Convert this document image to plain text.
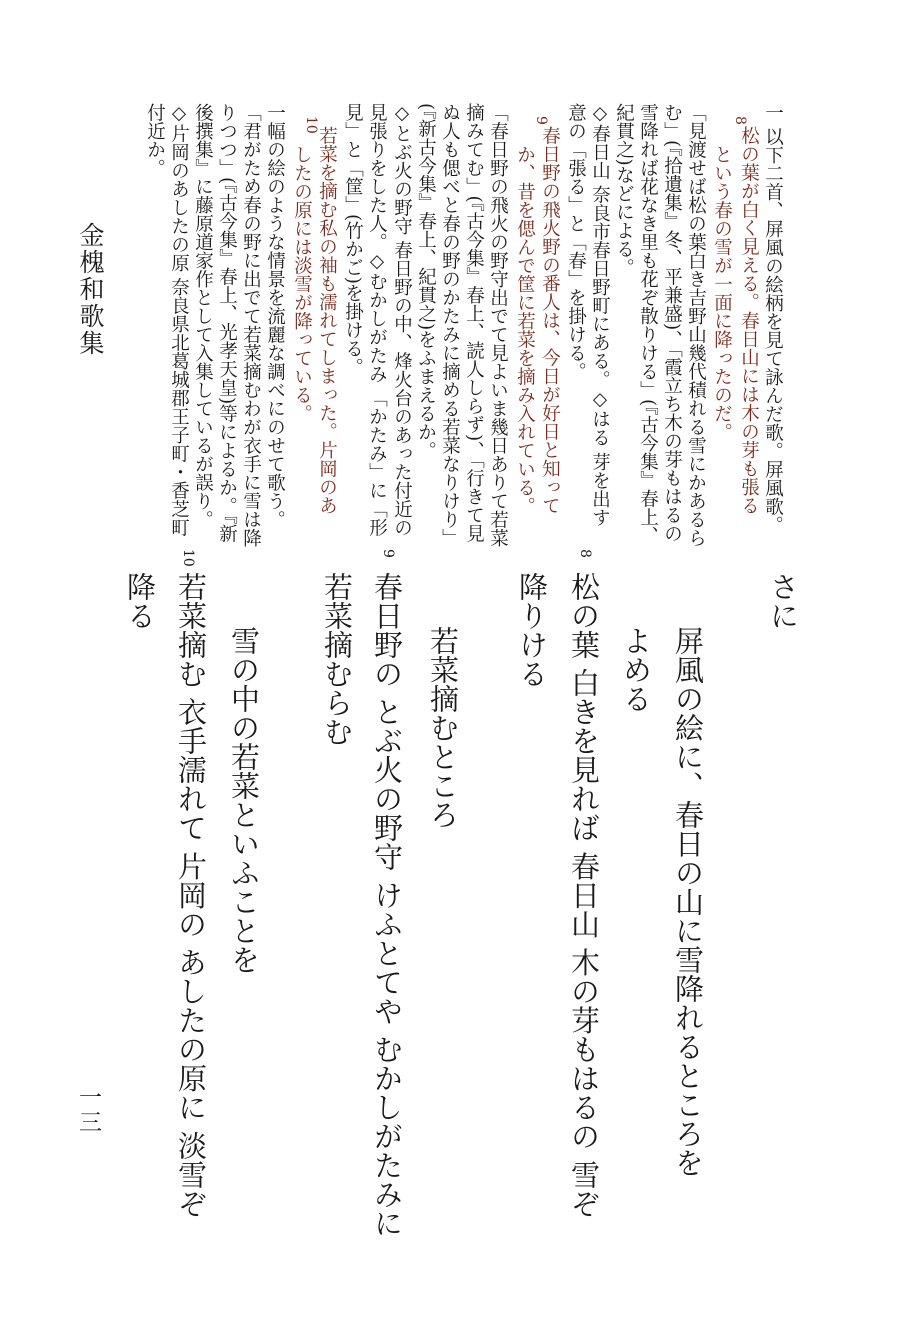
一 以下二首、屏風の絵柄を見て詠んだ歌。屏風歌。
松の葉が白く見える。春日山には木の芽も張る
8
という春の雪が一面に降ったのだ。
「見渡せば松の葉白き吉野山幾代積れる雪にかあるら
む」(『拾遺集』冬、平兼盛)、「霞立ち木の芽もはるの
雪降れば花なき里も花ぞ散りける」(『古今集』春上、
紀貫之)などによる。
◇春日山 奈良市春日野町にある。◇はる 芽を出す
意の「張る」と「春」を掛ける。
春日野の飛火野の番人は、今日が好日と知って
9
か、昔を偲んで筐に若菜を摘み入れている。
「春日野の飛火の野守出でて見よいま幾日ありて若菜
摘みてむ」(『古今集』春上、読人しらず)、「行きて見
ぬ人も偲べと春の野のかたみに摘める若菜なりけり」
(『新古今集』春上、紀貫之)をふまえるか。
◇とぶ火の野守 春日野の中、烽火台のあった付近の
見張りをした人。◇むかしがたみ 「かたみ」に「形
見」と「筐」(竹かご)を掛ける。
若菜を摘む私の袖も濡れてしまった。片岡のあ
10
したの原には淡雪が降っている。
一幅の絵のような情景を流麗な調べにのせて歌う。
「君がため春の野に出でて若菜摘むわが衣手に雪は降
りつつ」(『古今集』春上、光孝天皇)等によるか。『新
後撰集』に藤原道家作として入集しているが誤り。
◇片岡のあしたの原 奈良県北葛城郡王子町・香芝町
付近か。
さに
屏風の絵に、春日の山に雪降れるところを
よめる
8
松の葉 白きを見れば 春日山 木の芽もはるの 雪ぞ
降りける
若菜摘むところ
9
春日野の とぶ火の野守 けふとてや むかしがたみに
若菜摘むらむ
雪の中の若菜といふことを
10
若菜摘む 衣手濡れて 片岡の あしたの原に 淡雪ぞ
降る
金槐和歌集
一三
